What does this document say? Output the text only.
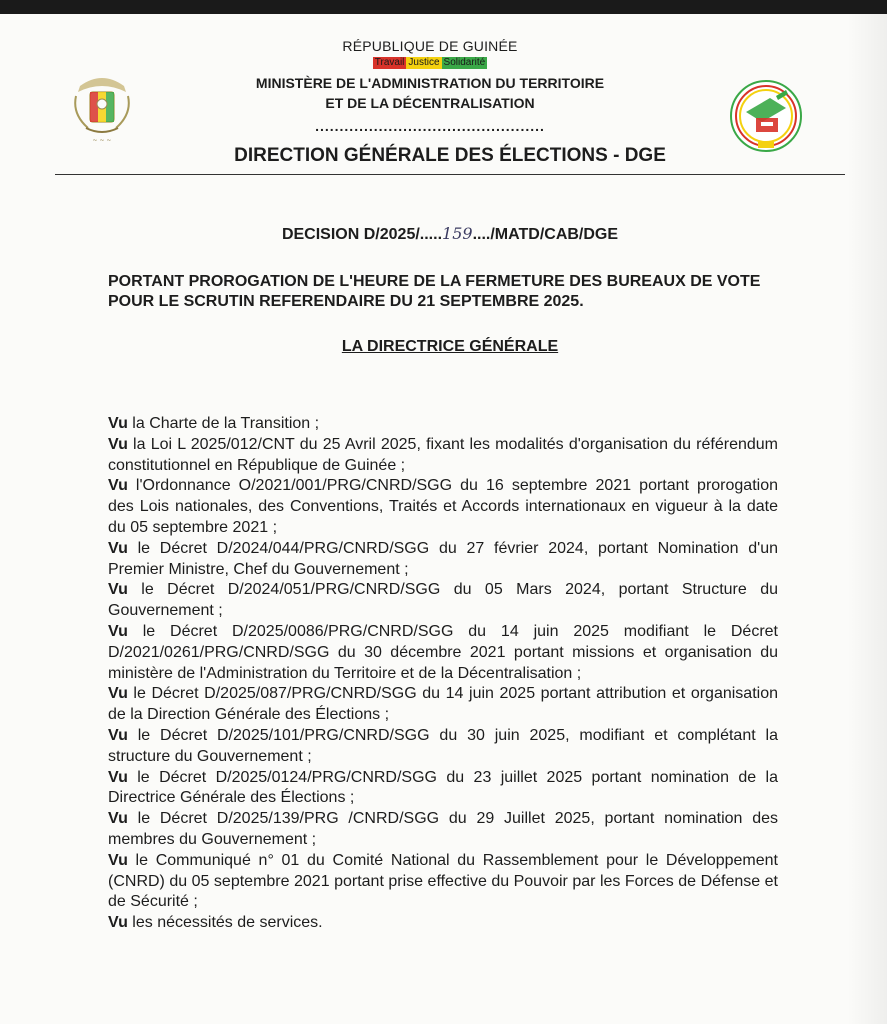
~ ~ ~
RÉPUBLIQUE DE GUINÉE
Travail Justice Solidarité
MINISTÈRE DE L'ADMINISTRATION DU TERRITOIRE
ET DE LA DÉCENTRALISATION
...............................................
DIRECTION GÉNÉRALE DES ÉLECTIONS - DGE
DECISION D/2025/.....159..../MATD/CAB/DGE
PORTANT PROROGATION DE L'HEURE DE LA FERMETURE DES BUREAUX DE VOTE POUR LE SCRUTIN REFERENDAIRE DU 21 SEPTEMBRE 2025.
LA DIRECTRICE GÉNÉRALE
Vu la Charte de la Transition ;
Vu la Loi L 2025/012/CNT du 25 Avril 2025, fixant les modalités d'organisation du référendum constitutionnel en République de Guinée ;
Vu l'Ordonnance O/2021/001/PRG/CNRD/SGG du 16 septembre 2021 portant prorogation des Lois nationales, des Conventions, Traités et Accords internationaux en vigueur à la date du 05 septembre 2021 ;
Vu le Décret D/2024/044/PRG/CNRD/SGG du 27 février 2024, portant Nomination d'un Premier Ministre, Chef du Gouvernement ;
Vu le Décret D/2024/051/PRG/CNRD/SGG du 05 Mars 2024, portant Structure du Gouvernement ;
Vu le Décret D/2025/0086/PRG/CNRD/SGG du 14 juin 2025 modifiant le Décret D/2021/0261/PRG/CNRD/SGG du 30 décembre 2021 portant missions et organisation du ministère de l'Administration du Territoire et de la Décentralisation ;
Vu le Décret D/2025/087/PRG/CNRD/SGG du 14 juin 2025 portant attribution et organisation de la Direction Générale des Élections ;
Vu le Décret D/2025/101/PRG/CNRD/SGG du 30 juin 2025, modifiant et complétant la structure du Gouvernement ;
Vu le Décret D/2025/0124/PRG/CNRD/SGG du 23 juillet 2025 portant nomination de la Directrice Générale des Élections ;
Vu le Décret D/2025/139/PRG /CNRD/SGG du 29 Juillet 2025, portant nomination des membres du Gouvernement ;
Vu le Communiqué n° 01 du Comité National du Rassemblement pour le Développement (CNRD) du 05 septembre 2021 portant prise effective du Pouvoir par les Forces de Défense et de Sécurité ;
Vu les nécessités de services.
